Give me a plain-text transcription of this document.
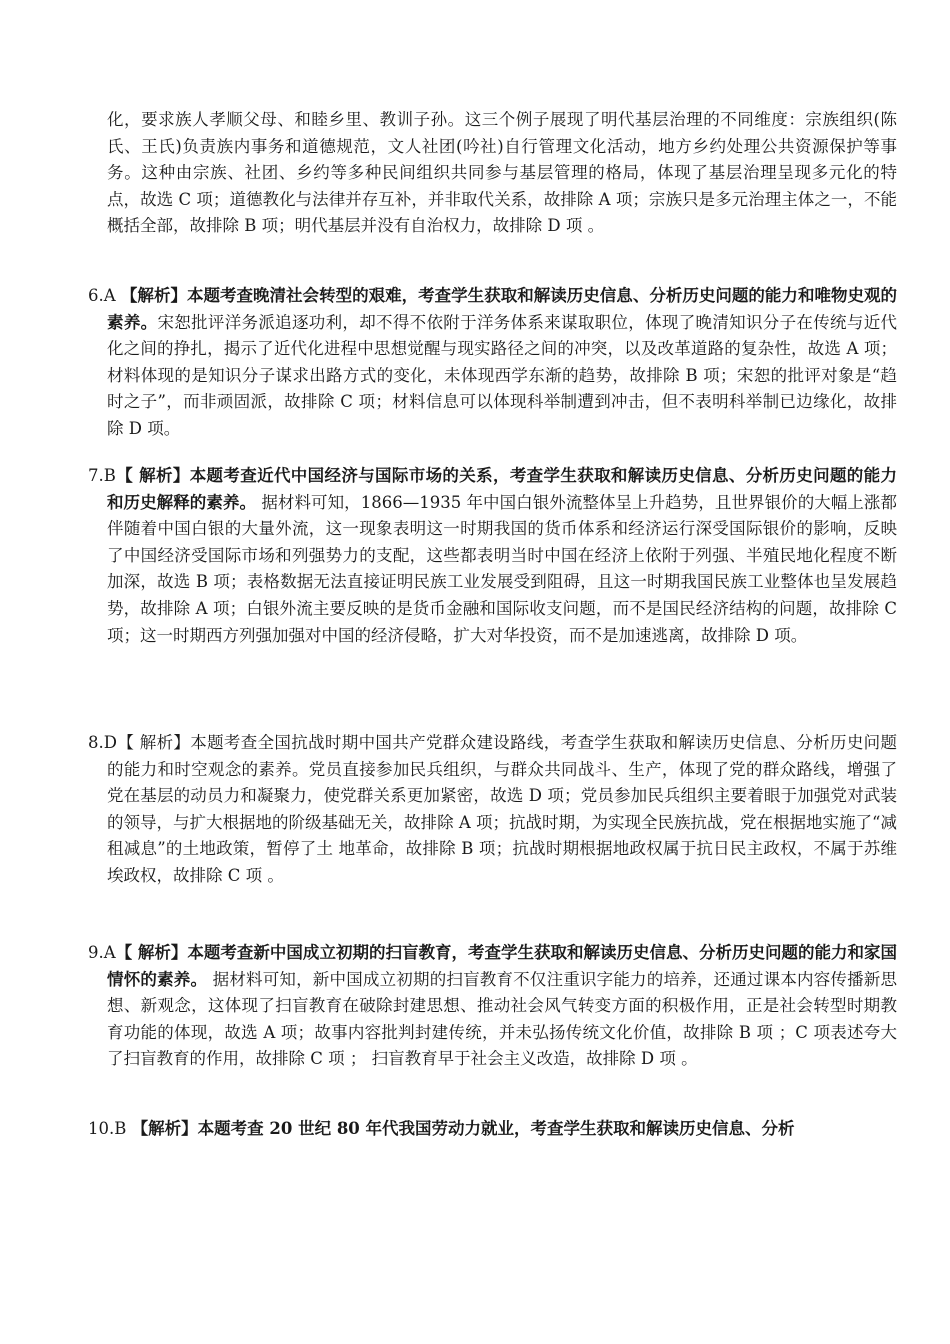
化，要求族人孝顺父母、和睦乡里、教训子孙。这三个例子展现了明代基层治理的不同维度：宗族组织(陈氏、王氏)负责族内事务和道德规范，文人社团(吟社)自行管理文化活动，地方乡约处理公共资源保护等事务。这种由宗族、社团、乡约等多种民间组织共同参与基层管理的格局，体现了基层治理呈现多元化的特点，故选 C 项；道德教化与法律并存互补，并非取代关系，故排除 A 项；宗族只是多元治理主体之一，不能概括全部，故排除 B 项；明代基层并没有自治权力，故排除 D 项 。

6.A 【解析】本题考查晚清社会转型的艰难，考查学生获取和解读历史信息、分析历史问题的能力和唯物史观的素养。宋恕批评洋务派追逐功利，却不得不依附于洋务体系来谋取职位，体现了晚清知识分子在传统与近代化之间的挣扎，揭示了近代化进程中思想觉醒与现实路径之间的冲突，以及改革道路的复杂性，故选 A 项；材料体现的是知识分子谋求出路方式的变化，未体现西学东渐的趋势，故排除 B 项；宋恕的批评对象是“趋时之子”，而非顽固派，故排除 C 项；材料信息可以体现科举制遭到冲击，但不表明科举制已边缘化，故排除 D 项。

7.B【 解析】本题考查近代中国经济与国际市场的关系，考查学生获取和解读历史信息、分析历史问题的能力和历史解释的素养。 据材料可知，1866—1935 年中国白银外流整体呈上升趋势，且世界银价的大幅上涨都伴随着中国白银的大量外流，这一现象表明这一时期我国的货币体系和经济运行深受国际银价的影响，反映了中国经济受国际市场和列强势力的支配，这些都表明当时中国在经济上依附于列强、半殖民地化程度不断加深，故选 B 项；表格数据无法直接证明民族工业发展受到阻碍，且这一时期我国民族工业整体也呈发展趋势，故排除 A 项；白银外流主要反映的是货币金融和国际收支问题，而不是国民经济结构的问题，故排除 C 项；这一时期西方列强加强对中国的经济侵略，扩大对华投资，而不是加速逃离，故排除 D 项。

8.D【 解析】本题考查全国抗战时期中国共产党群众建设路线，考查学生获取和解读历史信息、分析历史问题的能力和时空观念的素养。党员直接参加民兵组织，与群众共同战斗、生产，体现了党的群众路线，增强了党在基层的动员力和凝聚力，使党群关系更加紧密，故选 D 项；党员参加民兵组织主要着眼于加强党对武装的领导，与扩大根据地的阶级基础无关，故排除 A 项；抗战时期，为实现全民族抗战，党在根据地实施了“减租减息”的土地政策，暂停了土 地革命，故排除 B 项；抗战时期根据地政权属于抗日民主政权，不属于苏维埃政权，故排除 C 项 。

9.A【 解析】本题考查新中国成立初期的扫盲教育，考查学生获取和解读历史信息、分析历史问题的能力和家国情怀的素养。 据材料可知，新中国成立初期的扫盲教育不仅注重识字能力的培养，还通过课本内容传播新思想、新观念，这体现了扫盲教育在破除封建思想、推动社会风气转变方面的积极作用，正是社会转型时期教育功能的体现，故选 A 项；故事内容批判封建传统，并未弘扬传统文化价值，故排除 B 项 ；C 项表述夸大了扫盲教育的作用，故排除 C 项 ； 扫盲教育早于社会主义改造，故排除 D 项 。

10.B 【解析】本题考查 20 世纪 80 年代我国劳动力就业，考查学生获取和解读历史信息、分析
